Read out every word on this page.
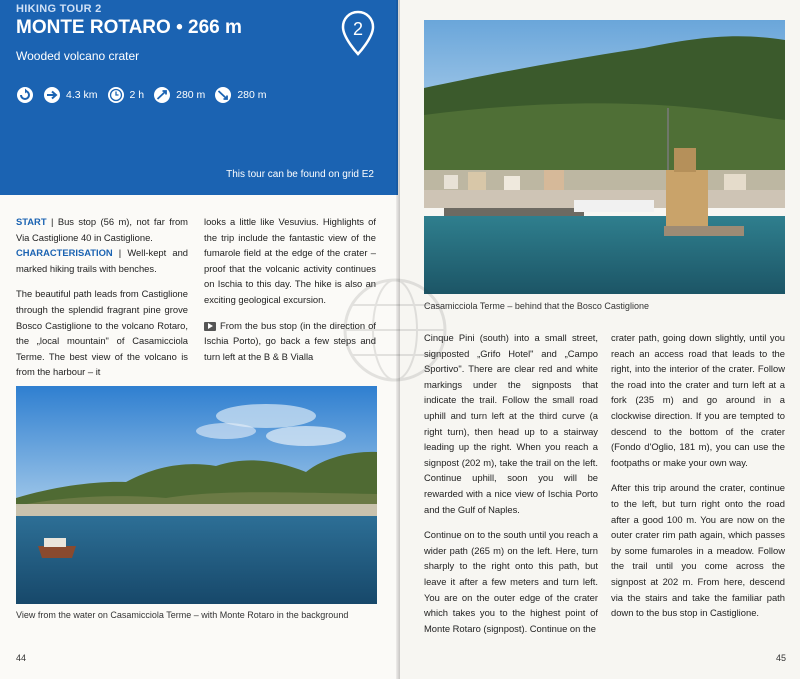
HIKING TOUR 2
MONTE ROTARO • 266 m
Wooded volcano crater
2
4.3 km	2 h	280 m	280 m
This tour can be found on grid E2

START | Bus stop (56 m), not far from Via Castiglione 40 in Castiglione.

CHARACTERISATION | Well-kept and marked hiking trails with benches.

The beautiful path leads from Castiglione through the splendid fragrant pine grove Bosco Castiglione to the volcano Rotaro, the „local mountain" of Casamicciola Terme. The best view of the volcano is from the harbour – it

looks a little like Vesuvius. Highlights of the trip include the fantastic view of the fumarole field at the edge of the crater – proof that the volcanic activity continues on Ischia to this day. The hike is also an exciting geological excursion.

From the bus stop (in the direction of Ischia Porto), go back a few steps and turn left at the B & B Vialla

View from the water on Casamicciola Terme – with Monte Rotaro in the background
44
Casamicciola Terme – behind that the Bosco Castiglione

Cinque Pini (south) into a small street, signposted „Grifo Hotel" and „Campo Sportivo". There are clear red and white markings under the signposts that indicate the trail. Follow the small road uphill and turn left at the third curve (a right turn), then head up to a stairway leading up the right. When you reach a signpost (202 m), take the trail on the left. Continue uphill, soon you will be rewarded with a nice view of Ischia Porto and the Gulf of Naples.

Continue on to the south until you reach a wider path (265 m) on the left. Here, turn sharply to the right onto this path, but leave it after a few meters and turn left. You are on the outer edge of the crater which takes you to the highest point of Monte Rotaro (signpost). Continue on the

crater path, going down slightly, until you reach an access road that leads to the right, into the interior of the crater. Follow the road into the crater and turn left at a fork (235 m) and go around in a clockwise direction. If you are tempted to descend to the bottom of the crater (Fondo d'Oglio, 181 m), you can use the footpaths or make your own way.

After this trip around the crater, continue to the left, but turn right onto the road after a good 100 m. You are now on the outer crater rim path again, which passes by some fumaroles in a meadow. Follow the trail until you come across the signpost at 202 m. From here, descend via the stairs and take the familiar path down to the bus stop in Castiglione.

45
